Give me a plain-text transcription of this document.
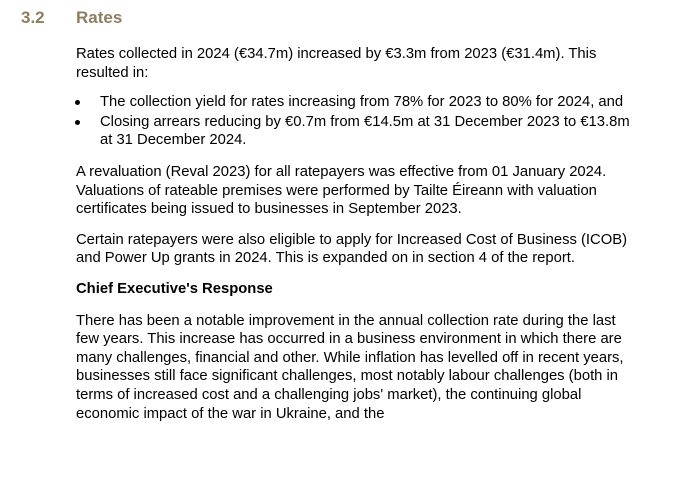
3.2 Rates

Rates collected in 2024 (€34.7m) increased by €3.3m from 2023 (€31.4m). This resulted in:

The collection yield for rates increasing from 78% for 2023 to 80% for 2024, and
Closing arrears reducing by €0.7m from €14.5m at 31 December 2023 to €13.8m at 31 December 2024.

A revaluation (Reval 2023) for all ratepayers was effective from 01 January 2024. Valuations of rateable premises were performed by Tailte Éireann with valuation certificates being issued to businesses in September 2023.

Certain ratepayers were also eligible to apply for Increased Cost of Business (ICOB) and Power Up grants in 2024. This is expanded on in section 4 of the report.

Chief Executive's Response

There has been a notable improvement in the annual collection rate during the last few years. This increase has occurred in a business environment in which there are many challenges, financial and other. While inflation has levelled off in recent years, businesses still face significant challenges, most notably labour challenges (both in terms of increased cost and a challenging jobs' market), the continuing global economic impact of the war in Ukraine, and the
